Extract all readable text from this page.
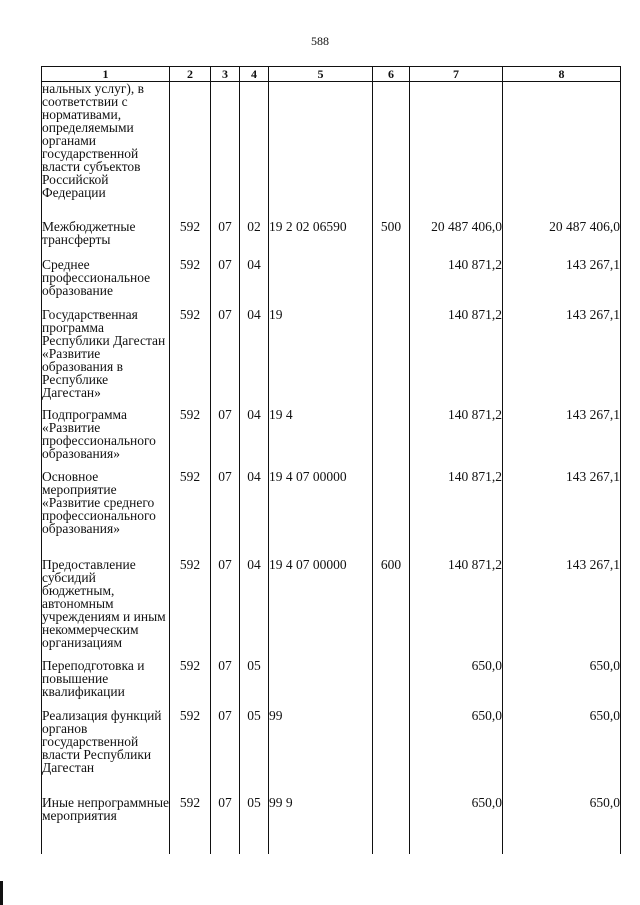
588
1	2	3	4	5	6	7	8

нальных услуг), в соответствии с нормативами, определяемыми органами государственной власти субъектов Российской Федерации							

Межбюджетные трансферты	592	07	02	19 2 02 06590	500	20 487 406,0	20 487 406,0
Среднее профессиональное образование	592	07	04			140 871,2	143 267,1
Государственная программа Республики Дагестан «Развитие образования в Республике Дагестан»	592	07	04	19		140 871,2	143 267,1
Подпрограмма «Развитие профессионального образования»	592	07	04	19 4		140 871,2	143 267,1
Основное мероприятие «Развитие среднего профессионального образования»	592	07	04	19 4 07 00000		140 871,2	143 267,1
Предоставление субсидий бюджетным, автономным учреждениям и иным некоммерческим организациям	592	07	04	19 4 07 00000	600	140 871,2	143 267,1
Переподготовка и повышение квалификации	592	07	05			650,0	650,0
Реализация функций органов государственной власти Республики Дагестан	592	07	05	99		650,0	650,0
Иные непрограммные мероприятия	592	07	05	99 9		650,0	650,0
